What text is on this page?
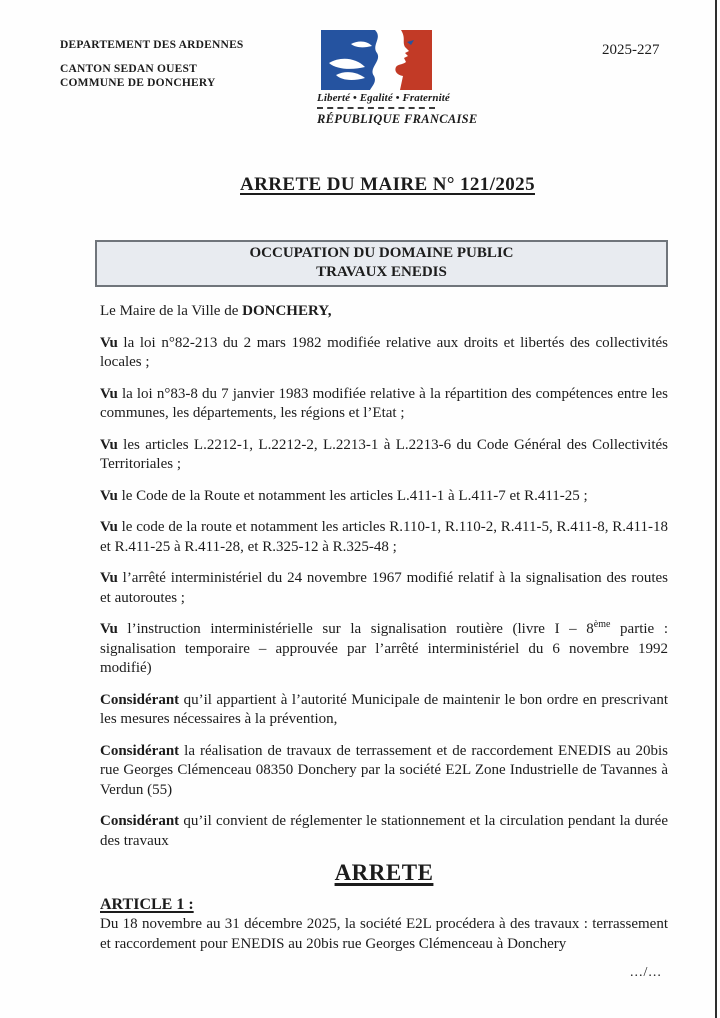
DEPARTEMENT DES ARDENNES
CANTON SEDAN OUEST
COMMUNE DE DONCHERY
Liberté • Egalité • Fraternité
RÉPUBLIQUE FRANCAISE
2025-227
ARRETE DU MAIRE N° 121/2025
OCCUPATION DU DOMAINE PUBLIC
TRAVAUX ENEDIS

Le Maire de la Ville de DONCHERY,

Vu la loi n°82-213 du 2 mars 1982 modifiée relative aux droits et libertés des collectivités locales ;

Vu la loi n°83-8 du 7 janvier 1983 modifiée relative à la répartition des compétences entre les communes, les départements, les régions et l’Etat ;

Vu les articles L.2212-1, L.2212-2, L.2213-1 à L.2213-6 du Code Général des Collectivités Territoriales ;

Vu le Code de la Route et notamment les articles L.411-1 à L.411-7 et R.411-25 ;

Vu le code de la route et notamment les articles R.110-1, R.110-2, R.411-5, R.411-8, R.411-18 et R.411-25 à R.411-28, et R.325-12 à R.325-48 ;

Vu l’arrêté interministériel du 24 novembre 1967 modifié relatif à la signalisation des routes et autoroutes ;

Vu l’instruction interministérielle sur la signalisation routière (livre I – 8ème partie : signalisation temporaire – approuvée par l’arrêté interministériel du 6 novembre 1992 modifié)

Considérant qu’il appartient à l’autorité Municipale de maintenir le bon ordre en prescrivant les mesures nécessaires à la prévention,

Considérant la réalisation de travaux de terrassement et de raccordement ENEDIS au 20bis rue Georges Clémenceau 08350 Donchery par la société E2L Zone Industrielle de Tavannes à Verdun (55)

Considérant qu’il convient de réglementer le stationnement et la circulation pendant la durée des travaux

ARRETE

ARTICLE 1 :

Du 18 novembre au 31 décembre 2025, la société E2L procédera à des travaux : terrassement et raccordement pour ENEDIS au 20bis rue Georges Clémenceau à Donchery

.../...
